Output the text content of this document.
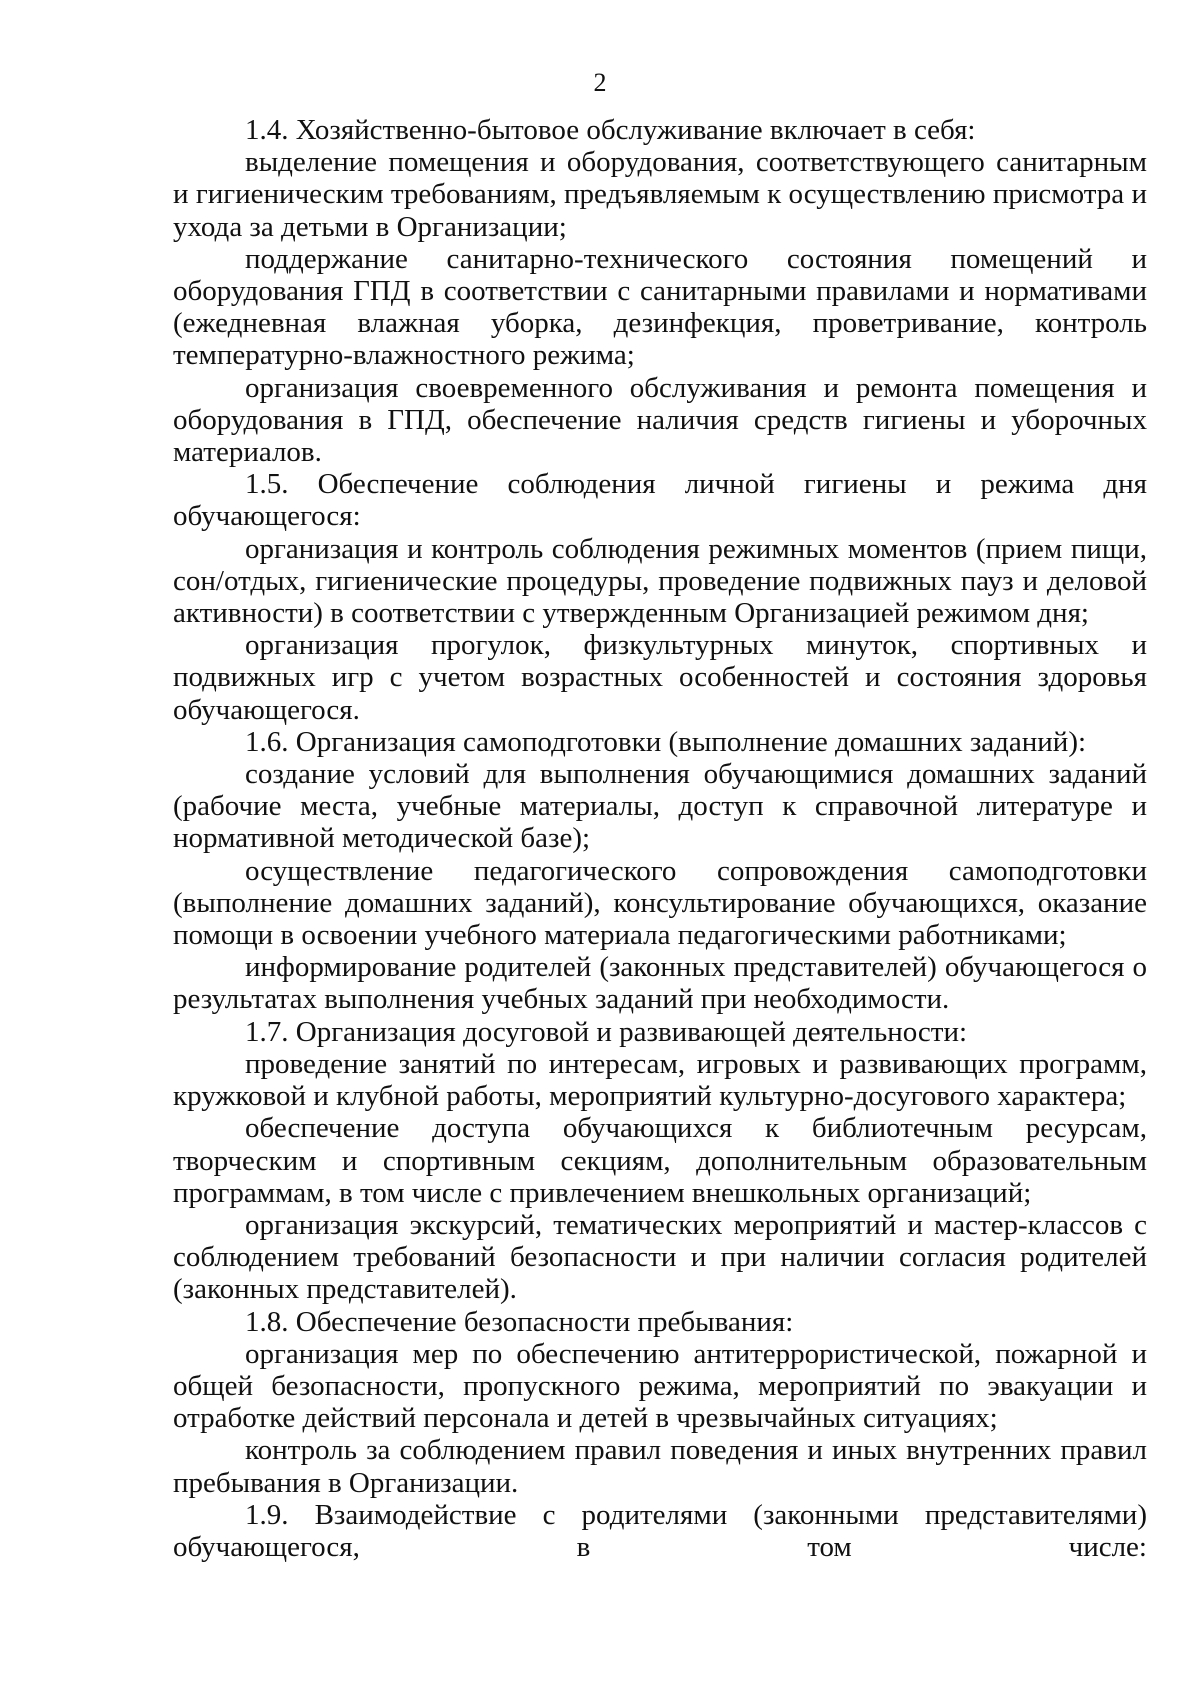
2

1.4. Хозяйственно-бытовое обслуживание включает в себя:

выделение помещения и оборудования, соответствующего санитарным и гигиеническим требованиям, предъявляемым к осуществлению присмотра и ухода за детьми в Организации;

поддержание санитарно-технического состояния помещений и оборудования ГПД в соответствии с санитарными правилами и нормативами (ежедневная влажная уборка, дезинфекция, проветривание, контроль температурно-влажностного режима;

организация своевременного обслуживания и ремонта помещения и оборудования в ГПД, обеспечение наличия средств гигиены и уборочных материалов.

1.5. Обеспечение соблюдения личной гигиены и режима дня обучающегося:

организация и контроль соблюдения режимных моментов (прием пищи, сон/отдых, гигиенические процедуры, проведение подвижных пауз и деловой активности) в соответствии с утвержденным Организацией режимом дня;

организация прогулок, физкультурных минуток, спортивных и подвижных игр с учетом возрастных особенностей и состояния здоровья обучающегося.

1.6. Организация самоподготовки (выполнение домашних заданий):

создание условий для выполнения обучающимися домашних заданий (рабочие места, учебные материалы, доступ к справочной литературе и нормативной методической базе);

осуществление педагогического сопровождения самоподготовки (выполнение домашних заданий), консультирование обучающихся, оказание помощи в освоении учебного материала педагогическими работниками;

информирование родителей (законных представителей) обучающегося о результатах выполнения учебных заданий при необходимости.

1.7. Организация досуговой и развивающей деятельности:

проведение занятий по интересам, игровых и развивающих программ, кружковой и клубной работы, мероприятий культурно-досугового характера;

обеспечение доступа обучающихся к библиотечным ресурсам, творческим и спортивным секциям, дополнительным образовательным программам, в том числе с привлечением внешкольных организаций;

организация экскурсий, тематических мероприятий и мастер-классов с соблюдением требований безопасности и при наличии согласия родителей (законных представителей).

1.8. Обеспечение безопасности пребывания:

организация мер по обеспечению антитеррористической, пожарной и общей безопасности, пропускного режима, мероприятий по эвакуации и отработке действий персонала и детей в чрезвычайных ситуациях;

контроль за соблюдением правил поведения и иных внутренних правил пребывания в Организации.

1.9. Взаимодействие с родителями (законными представителями) обучающегося, в том числе:
